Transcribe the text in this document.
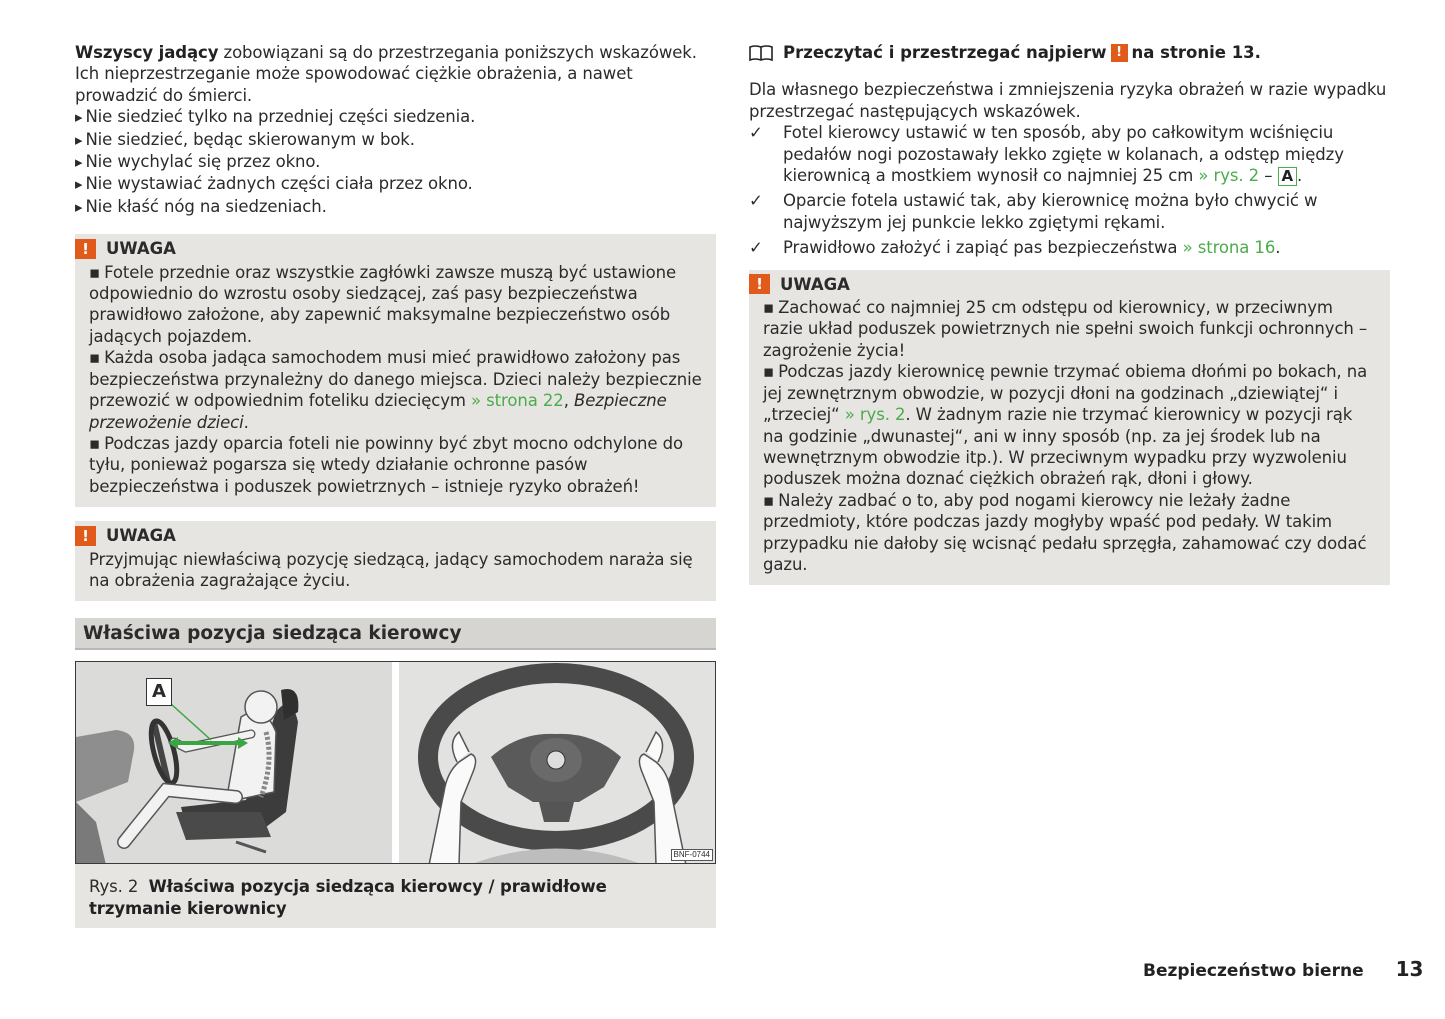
Wszyscy jadący zobowiązani są do przestrzegania poniższych wskazówek. Ich nieprzestrzeganie może spowodować ciężkie obrażenia, a nawet prowadzić do śmierci.

▸ Nie siedzieć tylko na przedniej części siedzenia.
▸ Nie siedzieć, będąc skierowanym w bok.
▸ Nie wychylać się przez okno.
▸ Nie wystawiać żadnych części ciała przez okno.
▸ Nie kłaść nóg na siedzeniach.
!	UWAGA

▪ Fotele przednie oraz wszystkie zagłówki zawsze muszą być ustawione odpowiednio do wzrostu osoby siedzącej, zaś pasy bezpieczeństwa prawidłowo założone, aby zapewnić maksymalne bezpieczeństwo osób jadących pojazdem.

▪ Każda osoba jadąca samochodem musi mieć prawidłowo założony pas bezpieczeństwa przynależny do danego miejsca. Dzieci należy bezpiecznie przewozić w odpowiednim foteliku dziecięcym » strona 22, Bezpieczne przewożenie dzieci.

▪ Podczas jazdy oparcia foteli nie powinny być zbyt mocno odchylone do tyłu, ponieważ pogarsza się wtedy działanie ochronne pasów bezpieczeństwa i poduszek powietrznych – istnieje ryzyko obrażeń!

!	UWAGA

Przyjmując niewłaściwą pozycję siedzącą, jadący samochodem naraża się na obrażenia zagrażające życiu.

Właściwa pozycja siedząca kierowcy
A
BNF-0744

Rys. 2 Właściwa pozycja siedząca kierowcy / prawidłowe trzymanie kierownicy

Przeczytać i przestrzegać najpierw ! na stronie 13.

Dla własnego bezpieczeństwa i zmniejszenia ryzyka obrażeń w razie wypadku przestrzegać następujących wskazówek.

✓ Fotel kierowcy ustawić w ten sposób, aby po całkowitym wciśnięciu pedałów nogi pozostawały lekko zgięte w kolanach, a odstęp między kierownicą a mostkiem wynosił co najmniej 25 cm » rys. 2 – A .
✓ Oparcie fotela ustawić tak, aby kierownicę można było chwycić w najwyższym jej punkcie lekko zgiętymi rękami.
✓ Prawidłowo założyć i zapiąć pas bezpieczeństwa » strona 16.
!	UWAGA

▪ Zachować co najmniej 25 cm odstępu od kierownicy, w przeciwnym razie układ poduszek powietrznych nie spełni swoich funkcji ochronnych – zagrożenie życia!

▪ Podczas jazdy kierownicę pewnie trzymać obiema dłońmi po bokach, na jej zewnętrznym obwodzie, w pozycji dłoni na godzinach „dziewiątej“ i „trzeciej“ » rys. 2. W żadnym razie nie trzymać kierownicy w pozycji rąk na godzinie „dwunastej“, ani w inny sposób (np. za jej środek lub na wewnętrznym obwodzie itp.). W przeciwnym wypadku przy wyzwoleniu poduszek można doznać ciężkich obrażeń rąk, dłoni i głowy.

▪ Należy zadbać o to, aby pod nogami kierowcy nie leżały żadne przedmioty, które podczas jazdy mogłyby wpaść pod pedały. W takim przypadku nie dałoby się wcisnąć pedału sprzęgła, zahamować czy dodać gazu.

Bezpieczeństwo bierne 13
